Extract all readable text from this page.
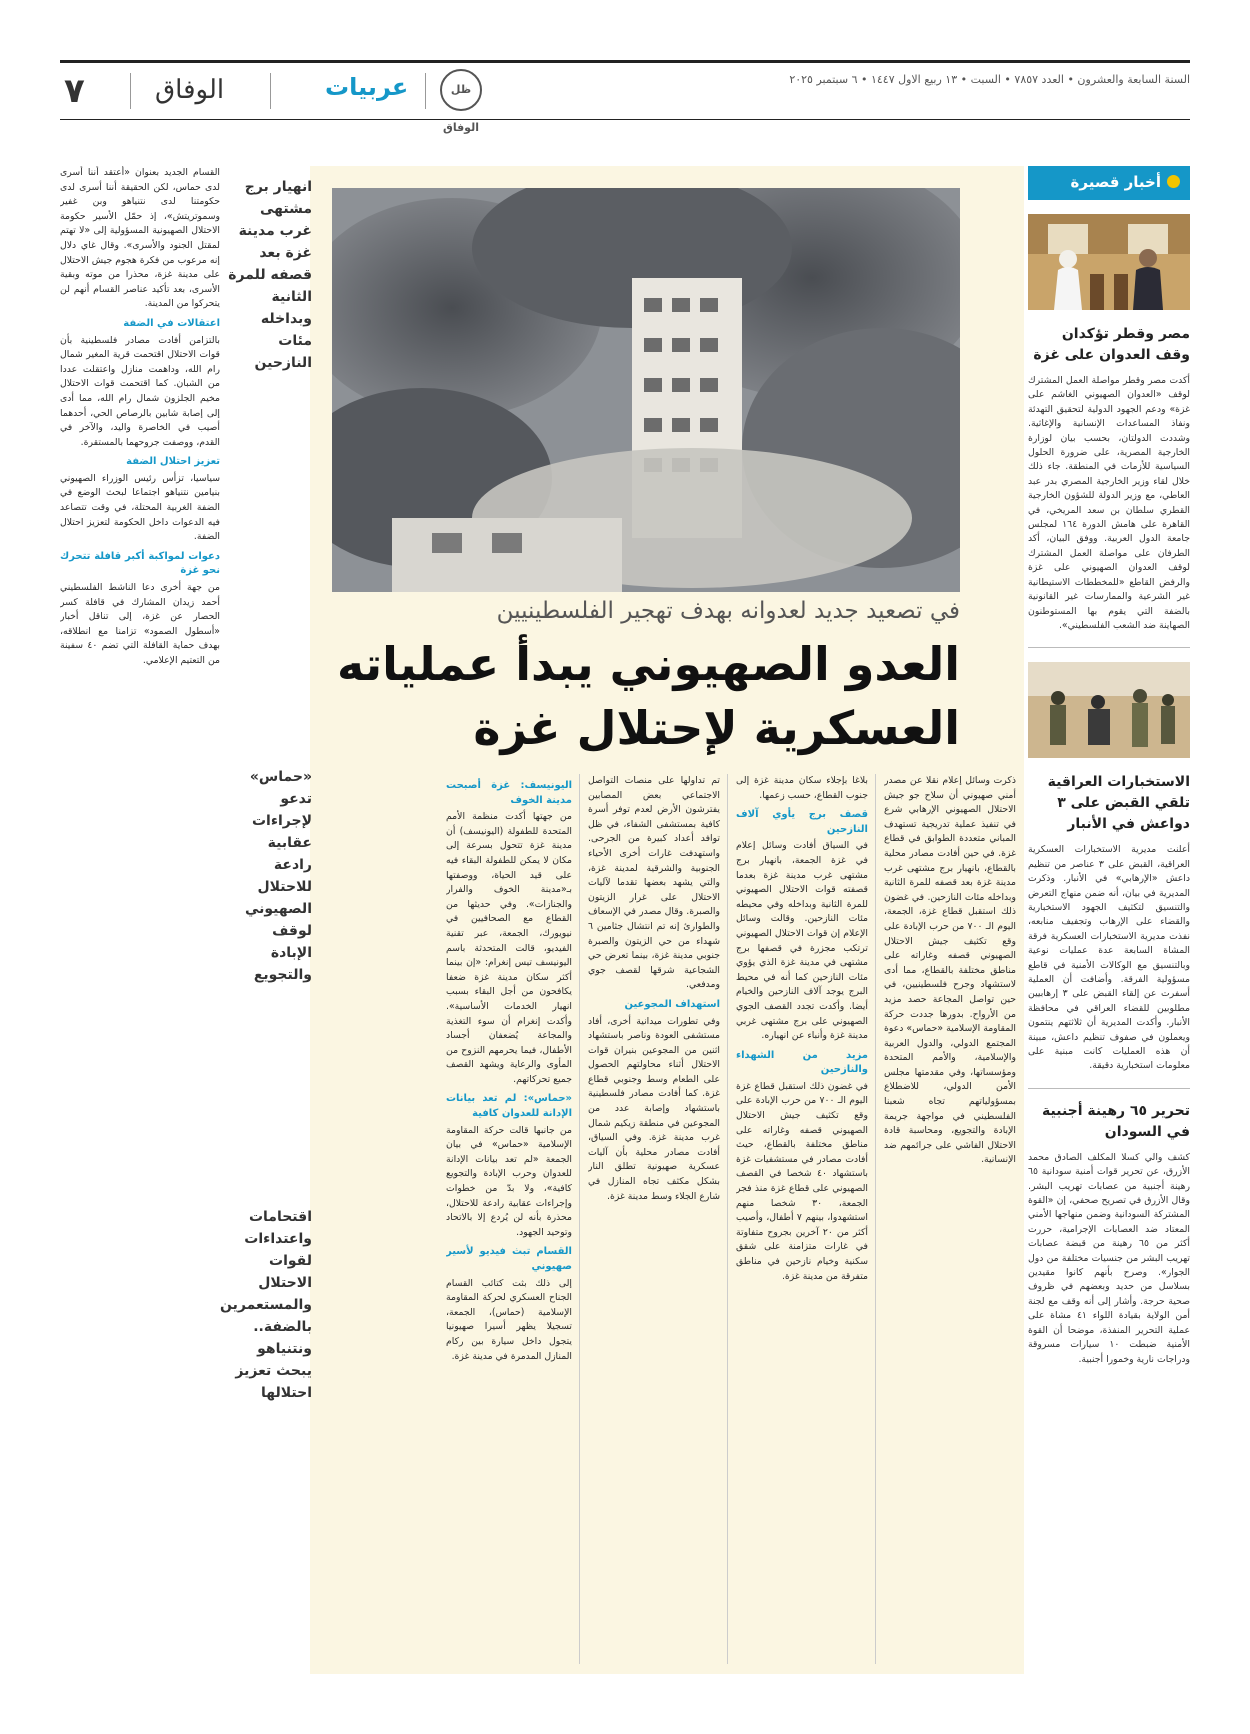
٧	الوفاق	عربيات	ظل الوفاق
السنة السابعة والعشرون • العدد ٧٨٥٧ • السبت • ١٣ ربيع الاول ١٤٤٧ • ٦ سبتمبر ٢٠٢٥
أخبار قصيرة
مصر وقطر تؤكدان وقف العدوان على غزة
أكدت مصر وقطر مواصلة العمل المشترك لوقف «العدوان الصهيوني الغاشم على غزة» ودعم الجهود الدولية لتحقيق التهدئة ونفاذ المساعدات الإنسانية والإغاثية. وشددت الدولتان، بحسب بيان لوزارة الخارجية المصرية، على ضرورة الحلول السياسية للأزمات في المنطقة. جاء ذلك خلال لقاء وزير الخارجية المصري بدر عبد العاطي، مع وزير الدولة للشؤون الخارجية القطري سلطان بن سعد المريخي، في القاهرة على هامش الدورة ١٦٤ لمجلس جامعة الدول العربية. ووفق البيان، أكد الطرفان على مواصلة العمل المشترك لوقف العدوان الصهيوني على غزة والرفض القاطع «للمخططات الاستيطانية غير الشرعية والممارسات غير القانونية بالضفة التي يقوم بها المستوطنون الصهاينة ضد الشعب الفلسطيني».
الاستخبارات العراقية تلقي القبض على ٣ دواعش في الأنبار
أعلنت مديرية الاستخبارات العسكرية العراقية، القبض على ٣ عناصر من تنظيم داعش «الإرهابي» في الأنبار. وذكرت المديرية في بيان، أنه ضمن منهاج التعرض والتنسيق لتكثيف الجهود الاستخبارية والقضاء على الإرهاب وتجفيف منابعه، نفذت مديرية الاستخبارات العسكرية فرقة المشاة السابعة عدة عمليات نوعية وبالتنسيق مع الوكالات الأمنية في قاطع مسؤولية الفرقة. وأضافت أن العملية أسفرت عن إلقاء القبض على ٣ إرهابيين مطلوبين للقضاء العراقي في محافظة الأنبار. وأكدت المديرية أن ثلاثتهم ينتمون ويعملون في صفوف تنظيم داعش، مبينة أن هذه العمليات كانت مبنية على معلومات استخبارية دقيقة.
تحرير ٦٥ رهينة أجنبية في السودان
كشف والي كسلا المكلف الصادق محمد الأزرق، عن تحرير قوات أمنية سودانية ٦٥ رهينة أجنبية من عصابات تهريب البشر. وقال الأزرق في تصريح صحفي، إن «القوة المشتركة السودانية وضمن منهاجها الأمني المعتاد ضد العصابات الإجرامية، حررت أكثر من ٦٥ رهينة من قبضة عصابات تهريب البشر من جنسيات مختلفة من دول الجوار». وصرح بأنهم كانوا مقيدين بسلاسل من حديد وبعضهم في ظروف صحية حرجة. وأشار إلى أنه وقف مع لجنة أمن الولاية بقيادة اللواء ٤١ مشاة على عملية التحرير المنفذة، موضحا أن القوة الأمنية ضبطت ١٠ سيارات مسروقة ودراجات نارية وخمورا أجنبية.
في تصعيد جديد لعدوانه بهدف تهجير الفلسطينيين
العدو الصهيوني يبدأ عملياته
العسكرية لإحتلال غزة

ذكرت وسائل إعلام نقلا عن مصدر أمني صهيوني أن سلاح جو جيش الاحتلال الصهيوني الإرهابي شرع في تنفيذ عملية تدريجية تستهدف المباني متعددة الطوابق في قطاع غزة. في حين أفادت مصادر محلية بالقطاع، بانهيار برج مشتهى غرب مدينة غزة بعد قصفه للمرة الثانية وبداخله مئات النازحين. في غضون ذلك استقبل قطاع غزة، الجمعة، اليوم الـ ٧٠٠ من حرب الإبادة على وقع تكثيف جيش الاحتلال الصهيوني قصفه وغاراته على مناطق مختلفة بالقطاع، مما أدى لاستشهاد وجرح فلسطينيين، في حين تواصل المجاعة حصد مزيد من الأرواح. بدورها جددت حركة المقاومة الإسلامية «حماس» دعوة المجتمع الدولي، والدول العربية والإسلامية، والأمم المتحدة ومؤسساتها، وفي مقدمتها مجلس الأمن الدولي، للاضطلاع بمسؤولياتهم تجاه شعبنا الفلسطيني في مواجهة جريمة الإبادة والتجويع، ومحاسبة قادة الاحتلال الفاشي على جرائمهم ضد الإنسانية.

بلاغا بإجلاء سكان مدينة غزة إلى جنوب القطاع، حسب زعمها.
قصف برج يأوي آلاف النازحين
في السياق أفادت وسائل إعلام في غزة الجمعة، بانهيار برج مشتهى غرب مدينة غزة بعدما قصفته قوات الاحتلال الصهيوني للمرة الثانية وبداخله وفي محيطه مئات النازحين. وقالت وسائل الإعلام إن قوات الاحتلال الصهيوني ترتكب مجزرة في قصفها برج مشتهى في مدينة غزة الذي يؤوي مئات النازحين كما أنه في محيط البرج يوجد آلاف النازحين والخيام أيضا. وأكدت تجدد القصف الجوي الصهيوني على برج مشتهى غربي مدينة غزة وأنباء عن انهياره.
مزيد من الشهداء والنازحين
في غضون ذلك استقبل قطاع غزة اليوم الـ ٧٠٠ من حرب الإبادة على وقع تكثيف جيش الاحتلال الصهيوني قصفه وغاراته على مناطق مختلفة بالقطاع، حيث أفادت مصادر في مستشفيات غزة باستشهاد ٤٠ شخصا في القصف الصهيوني على قطاع غزة منذ فجر الجمعة، ٣٠ شخصا منهم استشهدوا، بينهم ٧ أطفال، وأصيب أكثر من ٢٠ آخرين بجروح متفاوتة في غارات متزامنة على شقق سكنية وخيام نازحين في مناطق متفرقة من مدينة غزة.

تم تداولها على منصات التواصل الاجتماعي بعض المصابين يفترشون الأرض لعدم توفر أسرة كافية بمستشفى الشفاء، في ظل توافد أعداد كبيرة من الجرحى. واستهدفت غارات أخرى الأحياء الجنوبية والشرقية لمدينة غزة، والتي يشهد بعضها تقدما لآليات الاحتلال على غرار الزيتون والصبرة. وقال مصدر في الإسعاف والطوارئ إنه تم انتشال جثامين ٦ شهداء من حي الزيتون والصبرة جنوبي مدينة غزة، بينما تعرض حي الشجاعية شرقها لقصف جوي ومدفعي.
استهداف المجوعين
وفي تطورات ميدانية أخرى، أفاد مستشفى العودة وناصر باستشهاد اثنين من المجوعين بنيران قوات الاحتلال أثناء محاولتهم الحصول على الطعام وسط وجنوبي قطاع غزة. كما أفادت مصادر فلسطينية باستشهاد وإصابة عدد من المجوعين في منطقة زيكيم شمال غرب مدينة غزة. وفي السياق، أفادت مصادر محلية بأن آليات عسكرية صهيونية تطلق النار بشكل مكثف تجاه المنازل في شارع الجلاء وسط مدينة غزة.

اليونيسف: غزة أصبحت مدينة الخوف
من جهتها أكدت منظمة الأمم المتحدة للطفولة (اليونيسف) أن مدينة غزة تتحول بسرعة إلى مكان لا يمكن للطفولة البقاء فيه على قيد الحياة، ووصفتها بـ«مدينة الخوف والفرار والجنازات». وفي حديثها من القطاع مع الصحافيين في نيويورك، الجمعة، عبر تقنية الفيديو، قالت المتحدثة باسم اليونيسف تيس إنغرام: «إن بينما أكثر سكان مدينة غزة ضعفا يكافحون من أجل البقاء بسبب انهيار الخدمات الأساسية». وأكدت إنغرام أن سوء التغذية والمجاعة يُضعفان أجساد الأطفال، فيما يحرمهم النزوح من المأوى والرعاية ويشهد القصف جميع تحركاتهم.
«حماس»: لم تعد بيانات الإدانة للعدوان كافية
من جانبها قالت حركة المقاومة الإسلامية «حماس» في بيان الجمعة «لم تعد بيانات الإدانة للعدوان وحرب الإبادة والتجويع كافية»، ولا بدّ من خطوات وإجراءات عقابية رادعة للاحتلال، محذرة بأنه لن يُردع إلا بالاتحاد وتوحيد الجهود.
القسام تبث فيديو لأسير صهيوني
إلى ذلك بثت كتائب القسام الجناح العسكري لحركة المقاومة الإسلامية (حماس)، الجمعة، تسجيلا يظهر أسيرا صهيونيا يتجول داخل سيارة بين ركام المنازل المدمرة في مدينة غزة.

انهيار برج مشتهى غرب مدينة غزة بعد قصفه للمرة الثانية وبداخله مئات النازحين
«حماس» تدعو لإجراءات عقابية رادعة للاحتلال الصهيوني لوقف الإبادة والتجويع
اقتحامات واعتداءات لقوات الاحتلال والمستعمرين بالضفة.. ونتنياهو يبحث تعزيز احتلالها

القسام الجديد بعنوان «أعتقد أننا أسرى لدى حماس، لكن الحقيقة أننا أسرى لدى حكومتنا لدى نتنياهو وبن غفير وسموتريتش»، إذ حمّل الأسير حكومة الاحتلال الصهيونية المسؤولية إلى «لا تهتم لمقتل الجنود والأسرى». وقال غاي دلال إنه مرعوب من فكرة هجوم جيش الاحتلال على مدينة غزة، محذرا من موته وبقية الأسرى، بعد تأكيد عناصر القسام أنهم لن يتحركوا من المدينة.
اعتقالات في الضفة
بالتزامن أفادت مصادر فلسطينية بأن قوات الاحتلال اقتحمت قرية المغير شمال رام الله، وداهمت منازل واعتقلت عددا من الشبان. كما اقتحمت قوات الاحتلال مخيم الجلزون شمال رام الله، مما أدى إلى إصابة شابين بالرصاص الحي، أحدهما أصيب في الخاصرة واليد، والآخر في القدم، ووصفت جروحهما بالمستقرة.
تعزيز احتلال الضفة
سياسيا، تزأس رئيس الوزراء الصهيوني بنيامين نتنياهو اجتماعا لبحث الوضع في الضفة الغربية المحتلة، في وقت تتصاعد فيه الدعوات داخل الحكومة لتعزيز احتلال الضفة.
دعوات لمواكبة أكبر قافلة تتحرك نحو غزة
من جهة أخرى دعا الناشط الفلسطيني أحمد زيدان المشارك في قافلة كسر الحصار عن غزة، إلى تناقل أخبار «أسطول الصمود» تزامنا مع انطلاقه، بهدف حماية القافلة التي تضم ٤٠ سفينة من التعتيم الإعلامي.
